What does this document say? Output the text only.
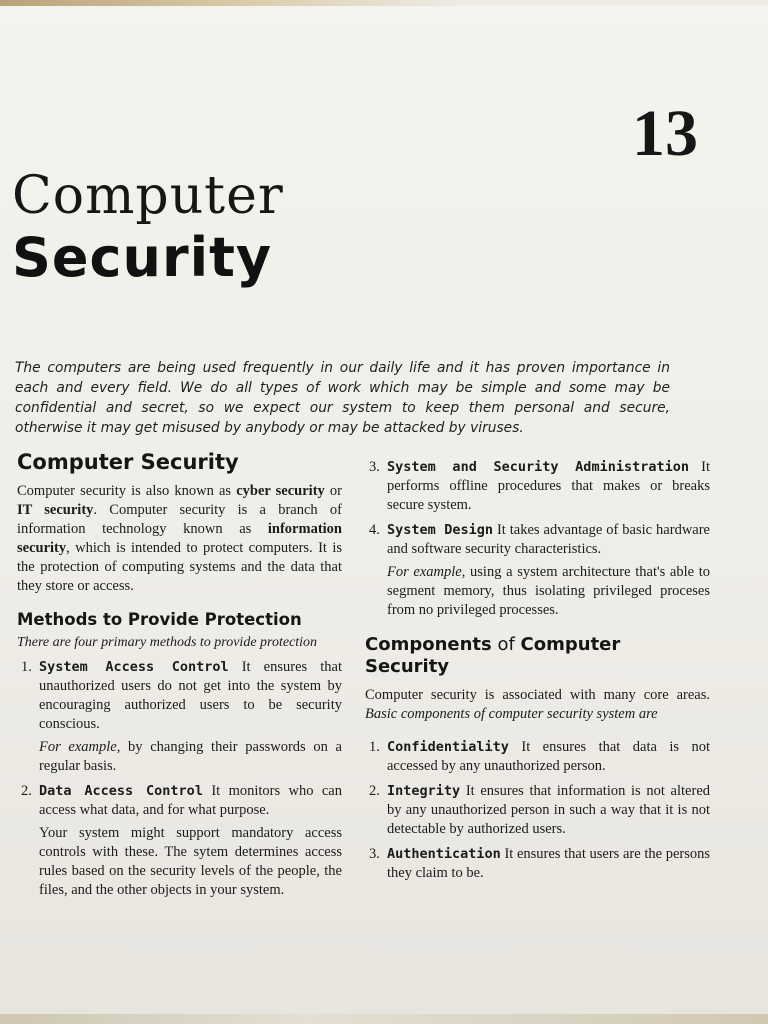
13
Computer
Security

The computers are being used frequently in our daily life and it has proven importance in each and every field. We do all types of work which may be simple and some may be confidential and secret, so we expect our system to keep them personal and secure, otherwise it may get misused by anybody or may be attacked by viruses.

Computer Security

Computer security is also known as cyber security or IT security. Computer security is a branch of information technology known as information security, which is intended to protect computers. It is the protection of computing systems and the data that they store or access.

Methods to Provide Protection

There are four primary methods to provide protection

1. System Access Control It ensures that unauthorized users do not get into the system by encouraging authorized users to be security conscious.

For example, by changing their passwords on a regular basis.

2. Data Access Control It monitors who can access what data, and for what purpose.

Your system might support mandatory access controls with these. The sytem determines access rules based on the security levels of the people, the files, and the other objects in your system.

3. System and Security Administration It performs offline procedures that makes or breaks secure system.
4. System Design It takes advantage of basic hardware and software security characteristics.

For example, using a system architecture that's able to segment memory, thus isolating privileged proceses from no privileged processes.

Components of Computer Security

Computer security is associated with many core areas. Basic components of computer security system are

1. Confidentiality It ensures that data is not accessed by any unauthorized person.
2. Integrity It ensures that information is not altered by any unauthorized person in such a way that it is not detectable by authorized users.
3. Authentication It ensures that users are the persons they claim to be.
